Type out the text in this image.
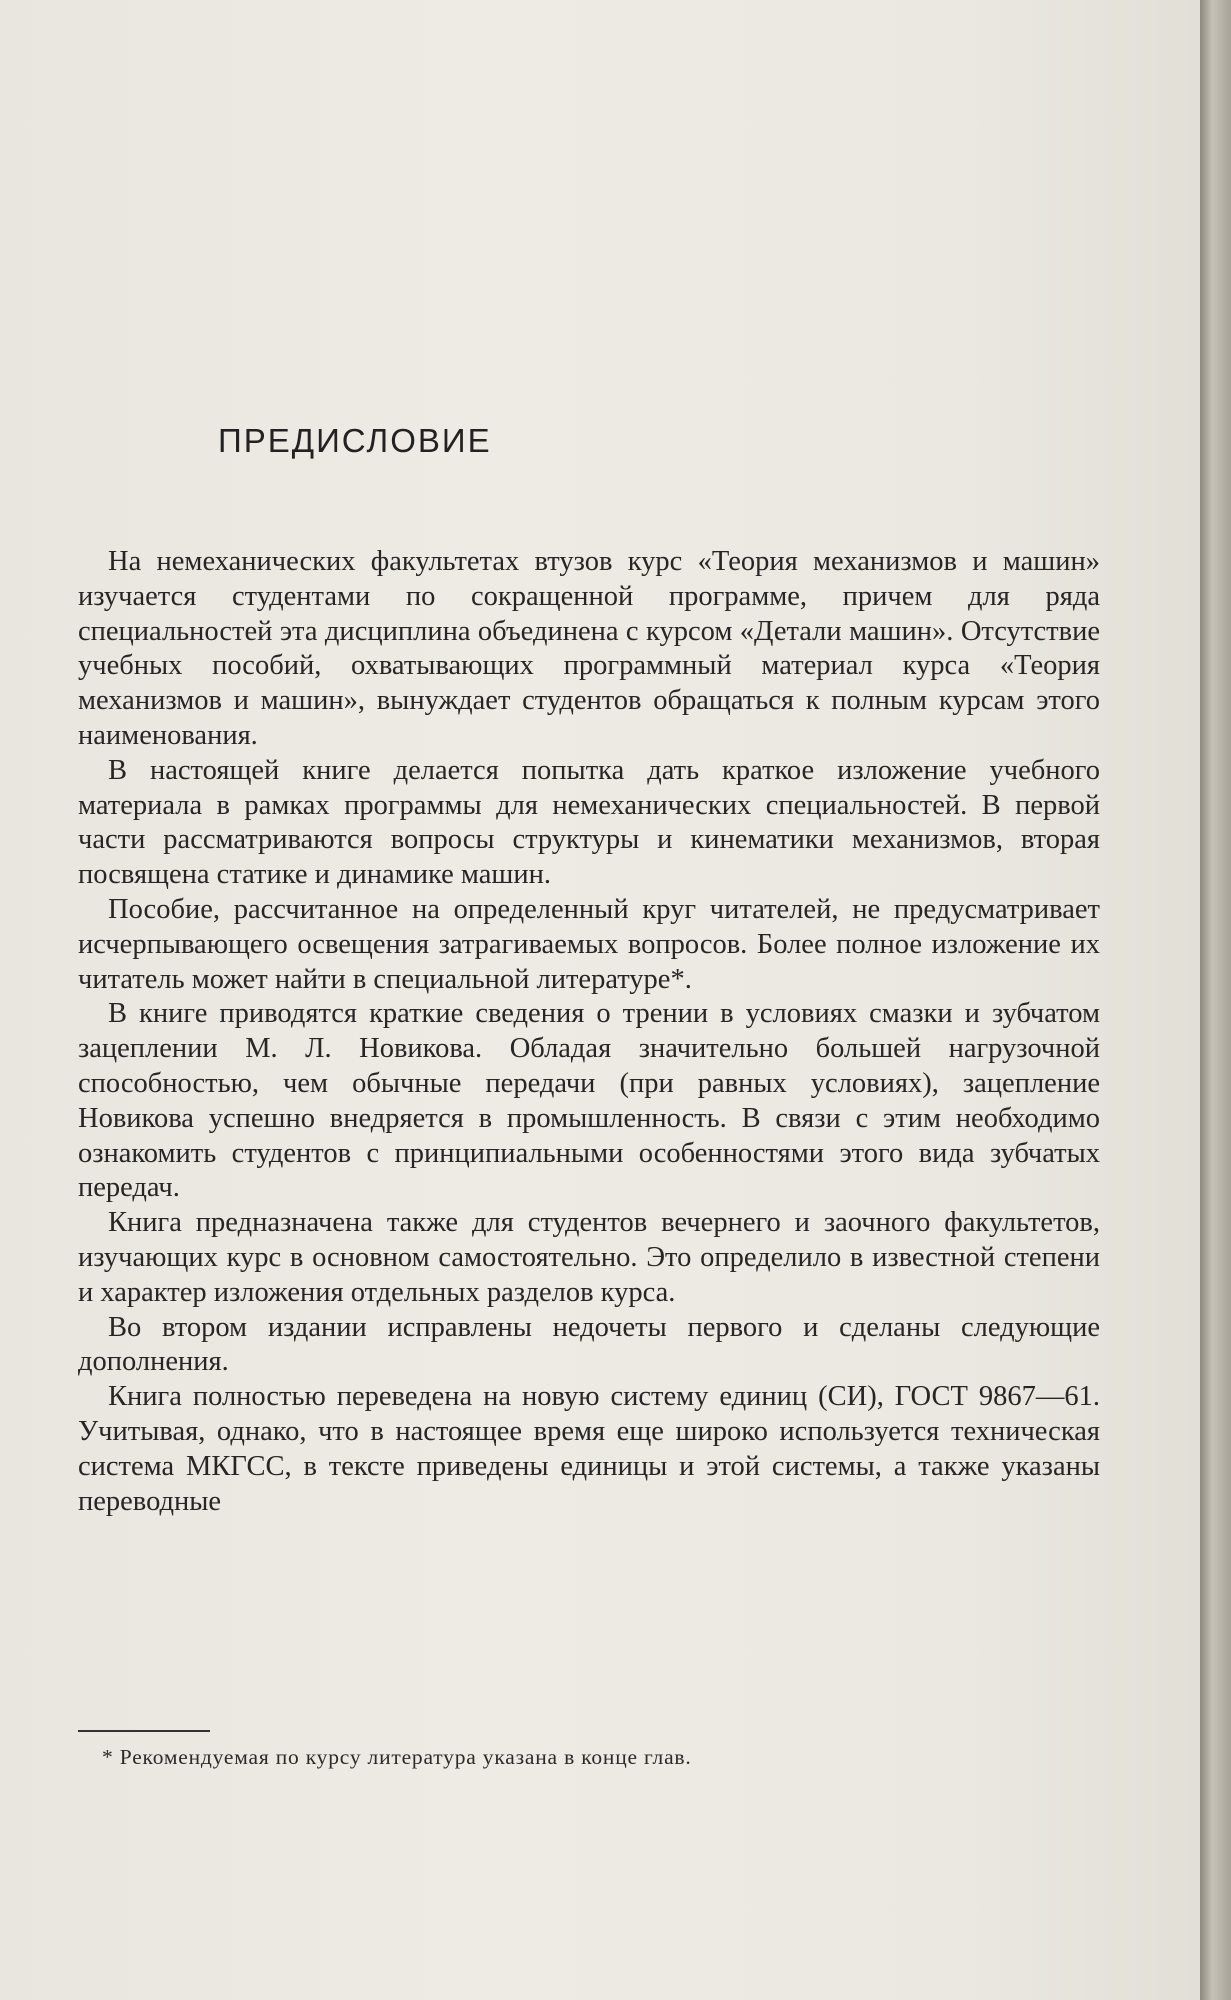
ПРЕДИСЛОВИЕ

На немеханических факультетах втузов курс «Теория механизмов и машин» изучается студентами по сокращенной программе, причем для ряда специальностей эта дисциплина объединена с курсом «Детали машин». Отсутствие учебных пособий, охватывающих программный материал курса «Теория механизмов и машин», вынуждает студентов обращаться к полным курсам этого наименования.

В настоящей книге делается попытка дать краткое изложение учебного материала в рамках программы для немеханических специальностей. В первой части рассматриваются вопросы структуры и кинематики механизмов, вторая посвящена статике и динамике машин.

Пособие, рассчитанное на определенный круг читателей, не предусматривает исчерпывающего освещения затрагиваемых вопросов. Более полное изложение их читатель может найти в специальной литературе*.

В книге приводятся краткие сведения о трении в условиях смазки и зубчатом зацеплении М. Л. Новикова. Обладая значительно большей нагрузочной способностью, чем обычные передачи (при равных условиях), зацепление Новикова успешно внедряется в промышленность. В связи с этим необходимо ознакомить студентов с принципиальными особенностями этого вида зубчатых передач.

Книга предназначена также для студентов вечернего и заочного факультетов, изучающих курс в основном самостоятельно. Это определило в известной степени и характер изложения отдельных разделов курса.

Во втором издании исправлены недочеты первого и сделаны следующие дополнения.

Книга полностью переведена на новую систему единиц (СИ), ГОСТ 9867—61. Учитывая, однако, что в настоящее время еще широко используется техническая система МКГСС, в тексте приведены единицы и этой системы, а также указаны переводные

* Рекомендуемая по курсу литература указана в конце глав.
